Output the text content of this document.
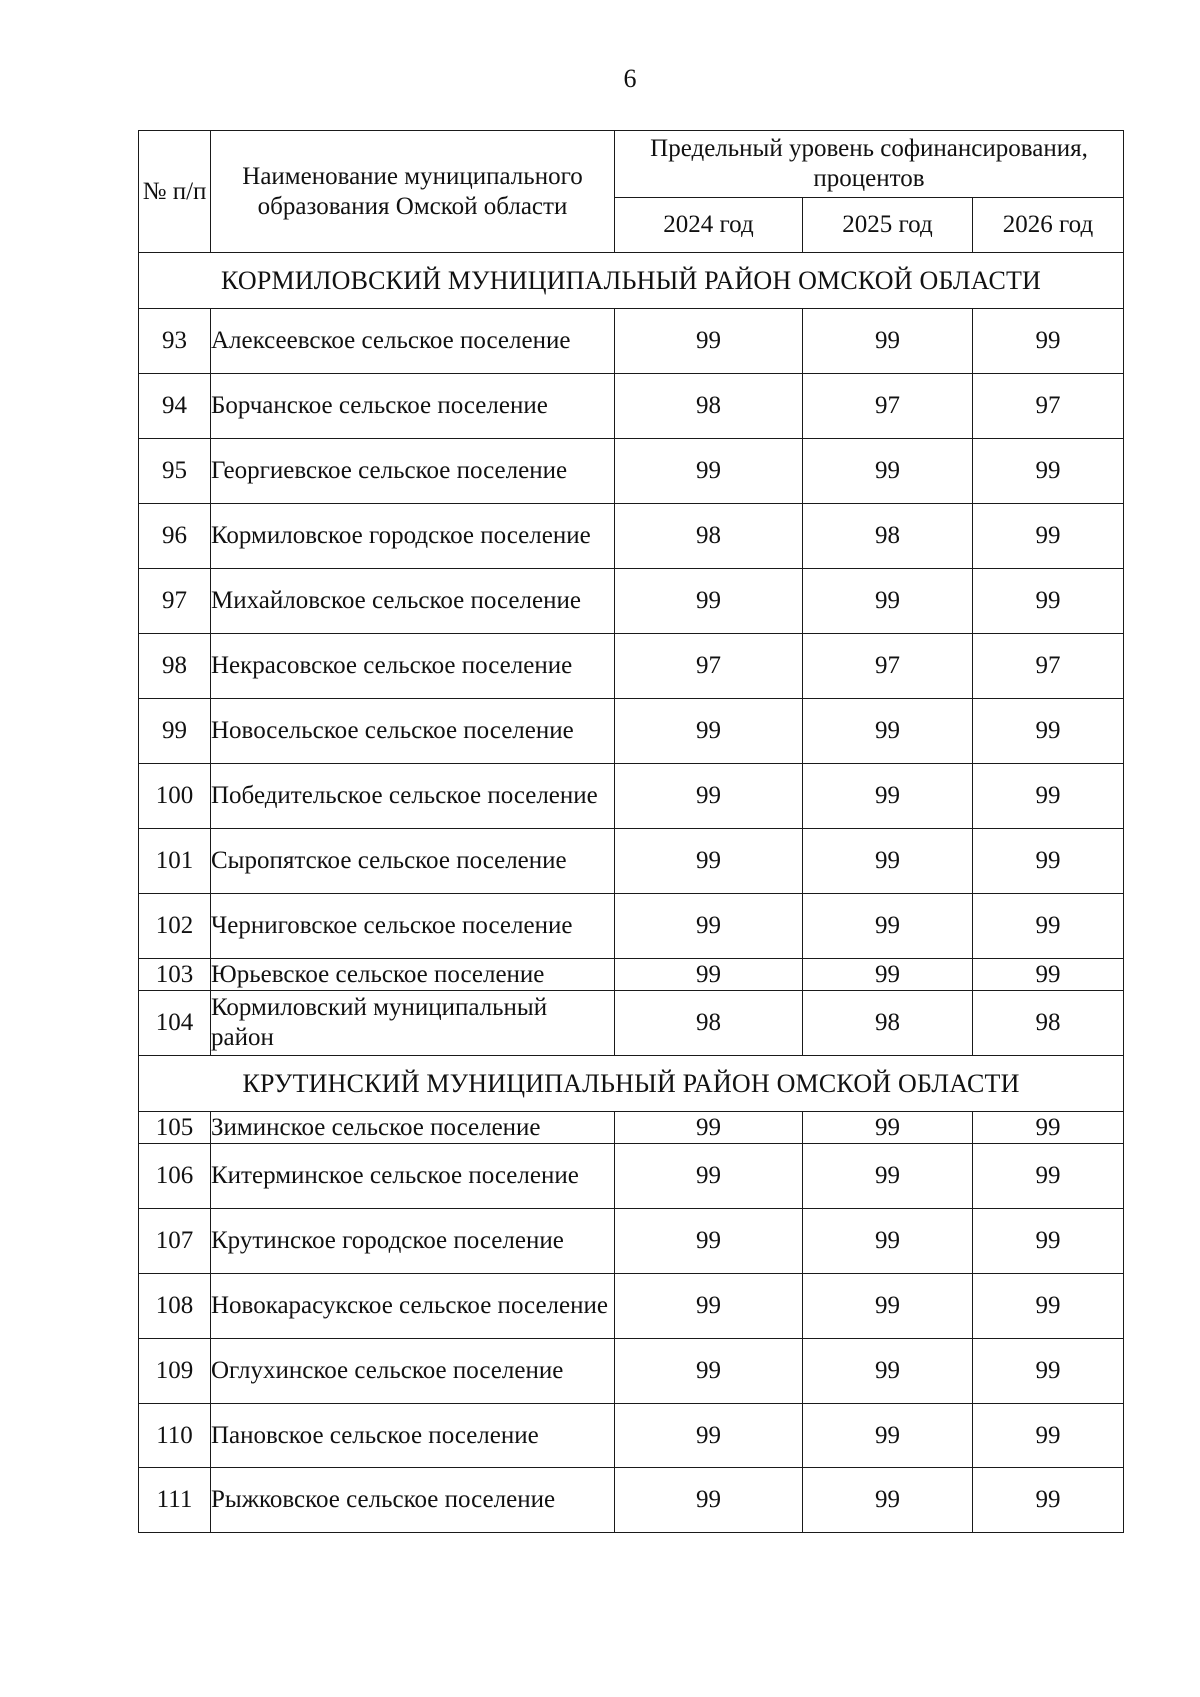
6
№ п/п	Наименование муниципального образования Омской области	Предельный уровень софинансирования, процентов		
		2024 год	2025 год	2026 год
КОРМИЛОВСКИЙ МУНИЦИПАЛЬНЫЙ РАЙОН ОМСКОЙ ОБЛАСТИ				
93	Алексеевское сельское поселение	99	99	99
94	Борчанское сельское поселение	98	97	97
95	Георгиевское сельское поселение	99	99	99
96	Кормиловское городское поселение	98	98	99
97	Михайловское сельское поселение	99	99	99
98	Некрасовское сельское поселение	97	97	97
99	Новосельское сельское поселение	99	99	99
100	Победительское сельское поселение	99	99	99
101	Сыропятское сельское поселение	99	99	99
102	Черниговское сельское поселение	99	99	99
103	Юрьевское сельское поселение	99	99	99
104	Кормиловский муниципальный район	98	98	98
КРУТИНСКИЙ МУНИЦИПАЛЬНЫЙ РАЙОН ОМСКОЙ ОБЛАСТИ				
105	Зиминское сельское поселение	99	99	99
106	Китерминское сельское поселение	99	99	99
107	Крутинское городское поселение	99	99	99
108	Новокарасукское сельское поселение	99	99	99
109	Оглухинское сельское поселение	99	99	99
110	Пановское сельское поселение	99	99	99
111	Рыжковское сельское поселение	99	99	99
